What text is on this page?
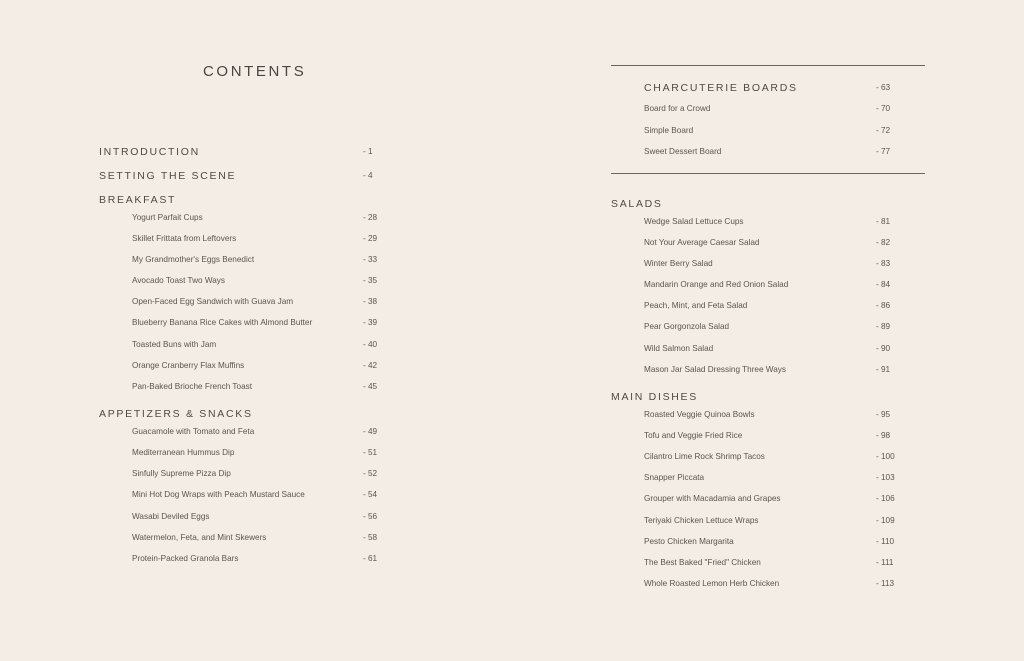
CONTENTS
INTRODUCTION	- 1
SETTING THE SCENE	- 4
BREAKFAST
Yogurt Parfait Cups	- 28
Skillet Frittata from Leftovers	- 29
My Grandmother's Eggs Benedict	- 33
Avocado Toast Two Ways	- 35
Open-Faced Egg Sandwich with Guava Jam	- 38
Blueberry Banana Rice Cakes with Almond Butter	- 39
Toasted Buns with Jam	- 40
Orange Cranberry Flax Muffins	- 42
Pan-Baked Brioche French Toast	- 45
APPETIZERS & SNACKS
Guacamole with Tomato and Feta	- 49
Mediterranean Hummus Dip	- 51
Sinfully Supreme Pizza Dip	- 52
Mini Hot Dog Wraps with Peach Mustard Sauce	- 54
Wasabi Deviled Eggs	- 56
Watermelon, Feta, and Mint Skewers	- 58
Protein-Packed Granola Bars	- 61
CHARCUTERIE BOARDS	- 63
Board for a Crowd	- 70
Simple Board	- 72
Sweet Dessert Board	- 77
SALADS
Wedge Salad Lettuce Cups	- 81
Not Your Average Caesar Salad	- 82
Winter Berry Salad	- 83
Mandarin Orange and Red Onion Salad	- 84
Peach, Mint, and Feta Salad	- 86
Pear Gorgonzola Salad	- 89
Wild Salmon Salad	- 90
Mason Jar Salad Dressing Three Ways	- 91
MAIN DISHES
Roasted Veggie Quinoa Bowls	- 95
Tofu and Veggie Fried Rice	- 98
Cilantro Lime Rock Shrimp Tacos	- 100
Snapper Piccata	- 103
Grouper with Macadamia and Grapes	- 106
Teriyaki Chicken Lettuce Wraps	- 109
Pesto Chicken Margarita	- 110
The Best Baked "Fried" Chicken	- 111
Whole Roasted Lemon Herb Chicken	- 113
